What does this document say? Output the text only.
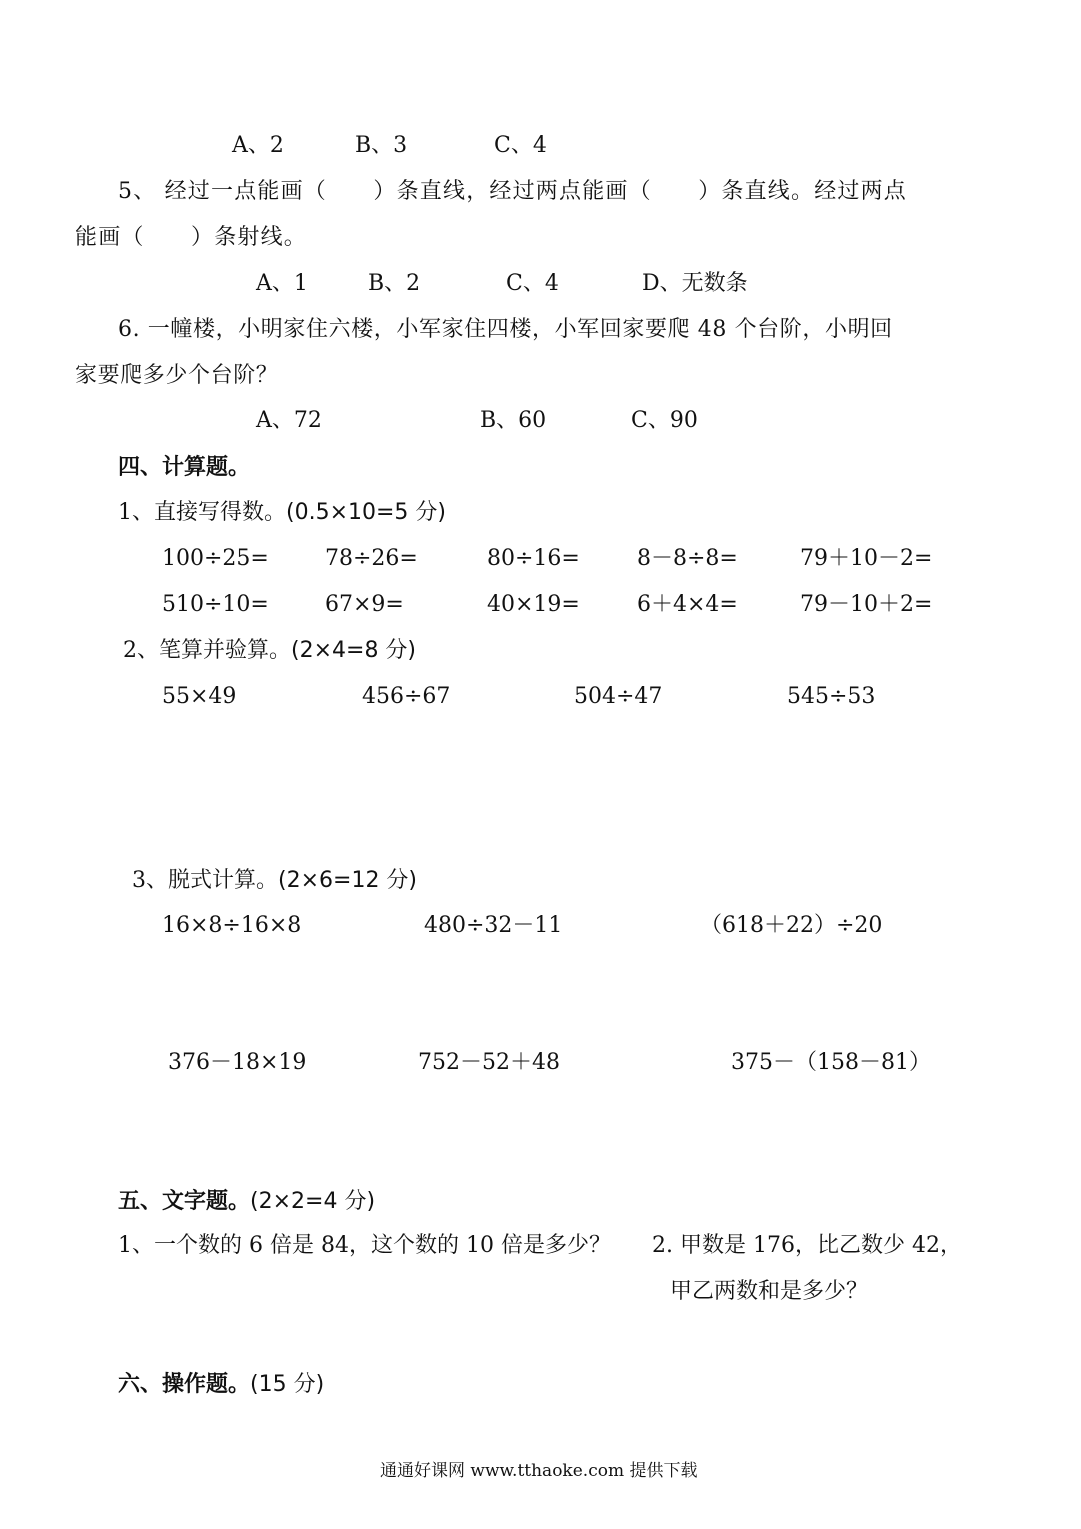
A、2	B、3	C、4
5、 经过一点能画（　　）条直线，经过两点能画（　　）条直线。经过两点
能画（　　）条射线。
A、1	B、2	C、4	D、无数条
6. 一幢楼，小明家住六楼，小军家住四楼，小军回家要爬 48 个台阶，小明回
家要爬多少个台阶？
A、72	B、60	C、90
四、计算题。
1、直接写得数。(0.5×10=5 分)
100÷25=	78÷26=	80÷16=	8－8÷8=	79＋10－2=
510÷10=	67×9=	40×19=	6＋4×4=	79－10＋2=
2、笔算并验算。(2×4=8 分)
55×49	456÷67	504÷47	545÷53
3、脱式计算。(2×6=12 分)
16×8÷16×8	480÷32－11	（618＋22）÷20
376－18×19	752－52＋48	375－（158－81）
五、文字题。(2×2=4 分)
1、一个数的 6 倍是 84，这个数的 10 倍是多少？ 2. 甲数是 176，比乙数少 42，
甲乙两数和是多少？
六、操作题。(15 分)
通通好课网 www.tthaoke.com 提供下载
